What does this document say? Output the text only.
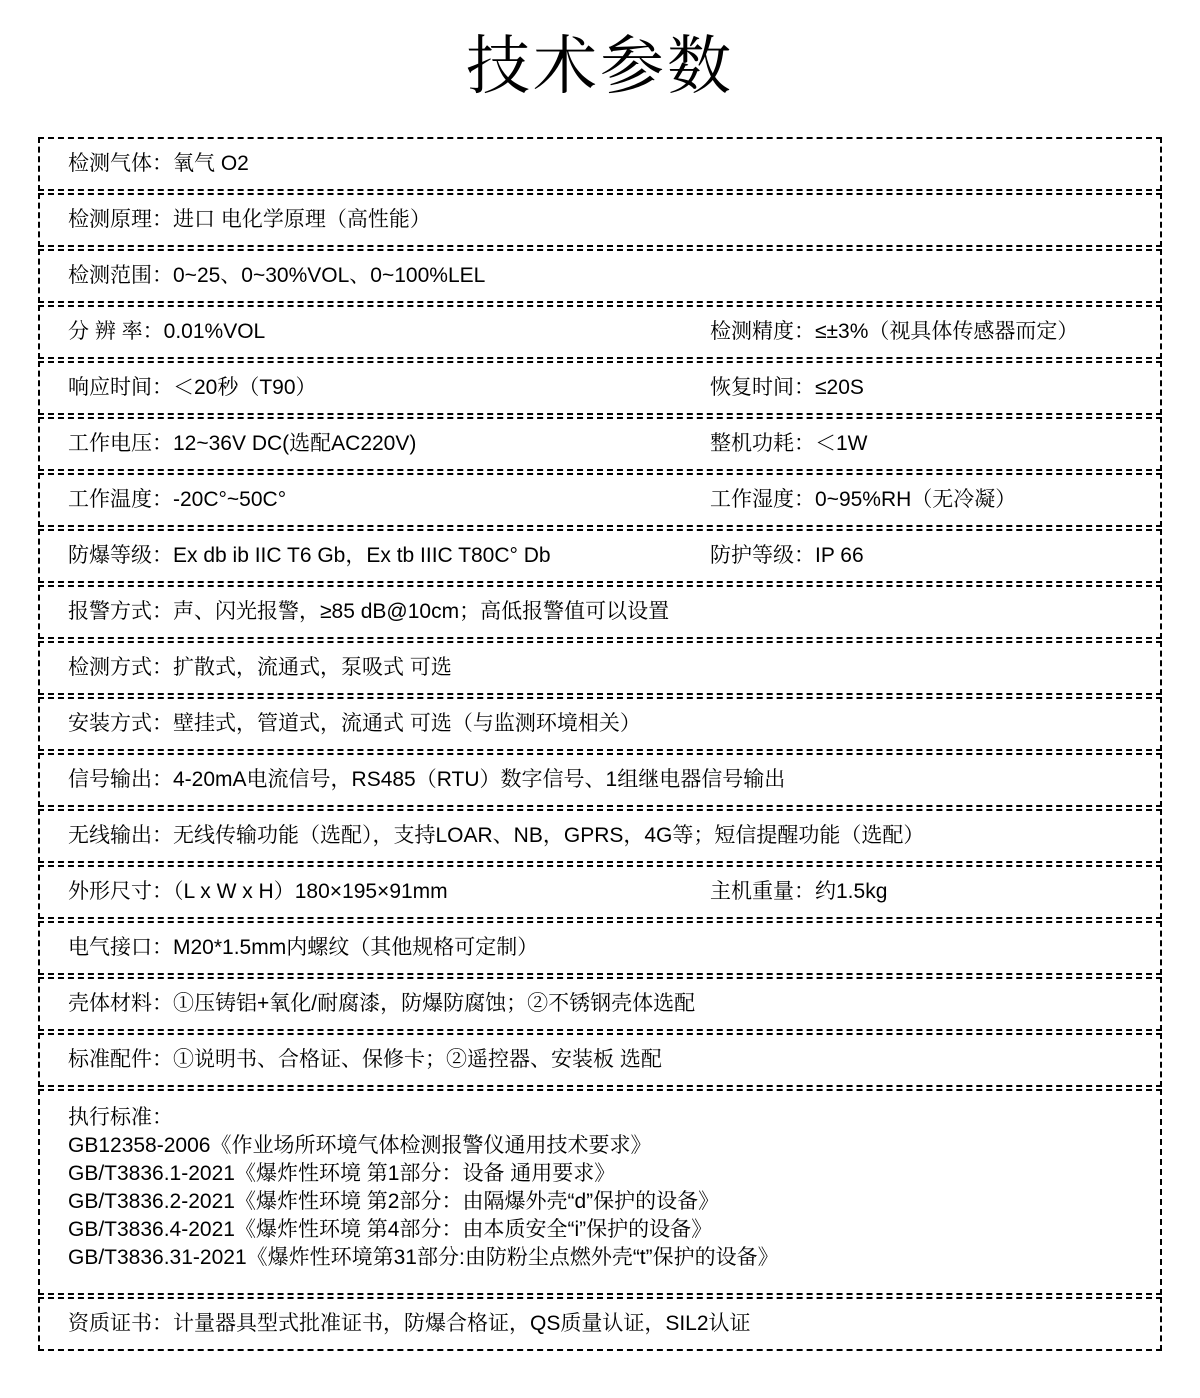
技术参数
检测气体：氧气 O2
检测原理：进口 电化学原理（高性能）
检测范围：0~25、0~30%VOL、0~100%LEL
分 辨 率：0.01%VOL	检测精度：≤±3%（视具体传感器而定）
响应时间：＜20秒（T90）	恢复时间：≤20S
工作电压：12~36V DC(选配AC220V)	整机功耗：＜1W
工作温度：-20C°~50C°	工作湿度：0~95%RH（无冷凝）
防爆等级：Ex db ib IIC T6 Gb，Ex tb IIIC T80C° Db	防护等级：IP 66
报警方式：声、闪光报警，≥85 dB@10cm；高低报警值可以设置
检测方式：扩散式，流通式，泵吸式 可选
安装方式：壁挂式，管道式，流通式 可选（与监测环境相关）
信号输出：4-20mA电流信号，RS485（RTU）数字信号、1组继电器信号输出
无线输出：无线传输功能（选配），支持LOAR、NB，GPRS，4G等；短信提醒功能（选配）
外形尺寸：（L x W x H）180×195×91mm	主机重量：约1.5kg
电气接口：M20*1.5mm内螺纹（其他规格可定制）
壳体材料：①压铸铝+氧化/耐腐漆，防爆防腐蚀；②不锈钢壳体选配
标准配件：①说明书、合格证、保修卡；②遥控器、安装板 选配
执行标准：
GB12358-2006《作业场所环境气体检测报警仪通用技术要求》
GB/T3836.1-2021《爆炸性环境 第1部分：设备 通用要求》
GB/T3836.2-2021《爆炸性环境 第2部分：由隔爆外壳“d”保护的设备》
GB/T3836.4-2021《爆炸性环境 第4部分：由本质安全“i”保护的设备》
GB/T3836.31-2021《爆炸性环境第31部分:由防粉尘点燃外壳“t”保护的设备》
资质证书：计量器具型式批准证书，防爆合格证，QS质量认证，SIL2认证
